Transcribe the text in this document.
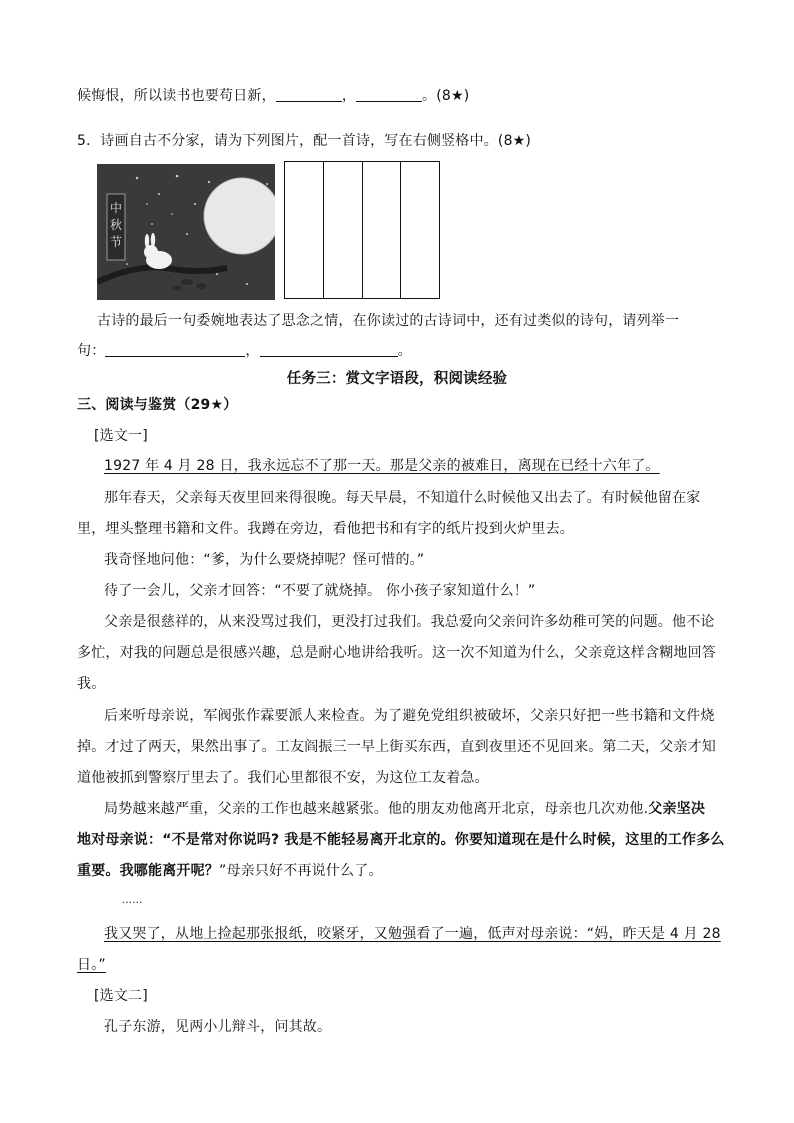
候悔恨，所以读书也要苟日新，	，	。(8★)
5．诗画自古不分家，请为下列图片，配一首诗，写在右侧竖格中。(8★)
中
秋
节
古诗的最后一句委婉地表达了思念之情，在你读过的古诗词中，还有过类似的诗句，请列举一
句：	，	。
任务三：赏文字语段，积阅读经验
三、阅读与鉴赏（29★）
[选文一]
1927 年 4 月 28 日，我永远忘不了那一天。那是父亲的被难日，离现在已经十六年了。
那年春天，父亲每天夜里回来得很晚。每天早晨，不知道什么时候他又出去了。有时候他留在家
里，埋头整理书籍和文件。我蹲在旁边，看他把书和有字的纸片投到火炉里去。
我奇怪地问他：“爹，为什么要烧掉呢？怪可惜的。”
待了一会儿，父亲才回答：“不要了就烧掉。 你小孩子家知道什么！”
父亲是很慈祥的，从来没骂过我们，更没打过我们。我总爱向父亲问许多幼稚可笑的问题。他不论
多忙，对我的问题总是很感兴趣，总是耐心地讲给我听。这一次不知道为什么，父亲竟这样含糊地回答
我。
后来听母亲说，军阀张作霖要派人来检查。为了避免党组织被破坏，父亲只好把一些书籍和文件烧
掉。才过了两天，果然出事了。工友阎振三一早上街买东西，直到夜里还不见回来。第二天，父亲才知
道他被抓到警察厅里去了。我们心里都很不安，为这位工友着急。
局势越来越严重，父亲的工作也越来越紧张。他的朋友劝他离开北京，母亲也几次劝他.父亲坚决
地对母亲说：“不是常对你说吗? 我是不能轻易离开北京的。你要知道现在是什么时候，这里的工作多么
重要。我哪能离开呢？”母亲只好不再说什么了。
……
我又哭了，从地上捡起那张报纸，咬紧牙，又勉强看了一遍，低声对母亲说：“妈，昨天是 4 月 28
日。”
[选文二]
孔子东游，见两小儿辩斗，问其故。
